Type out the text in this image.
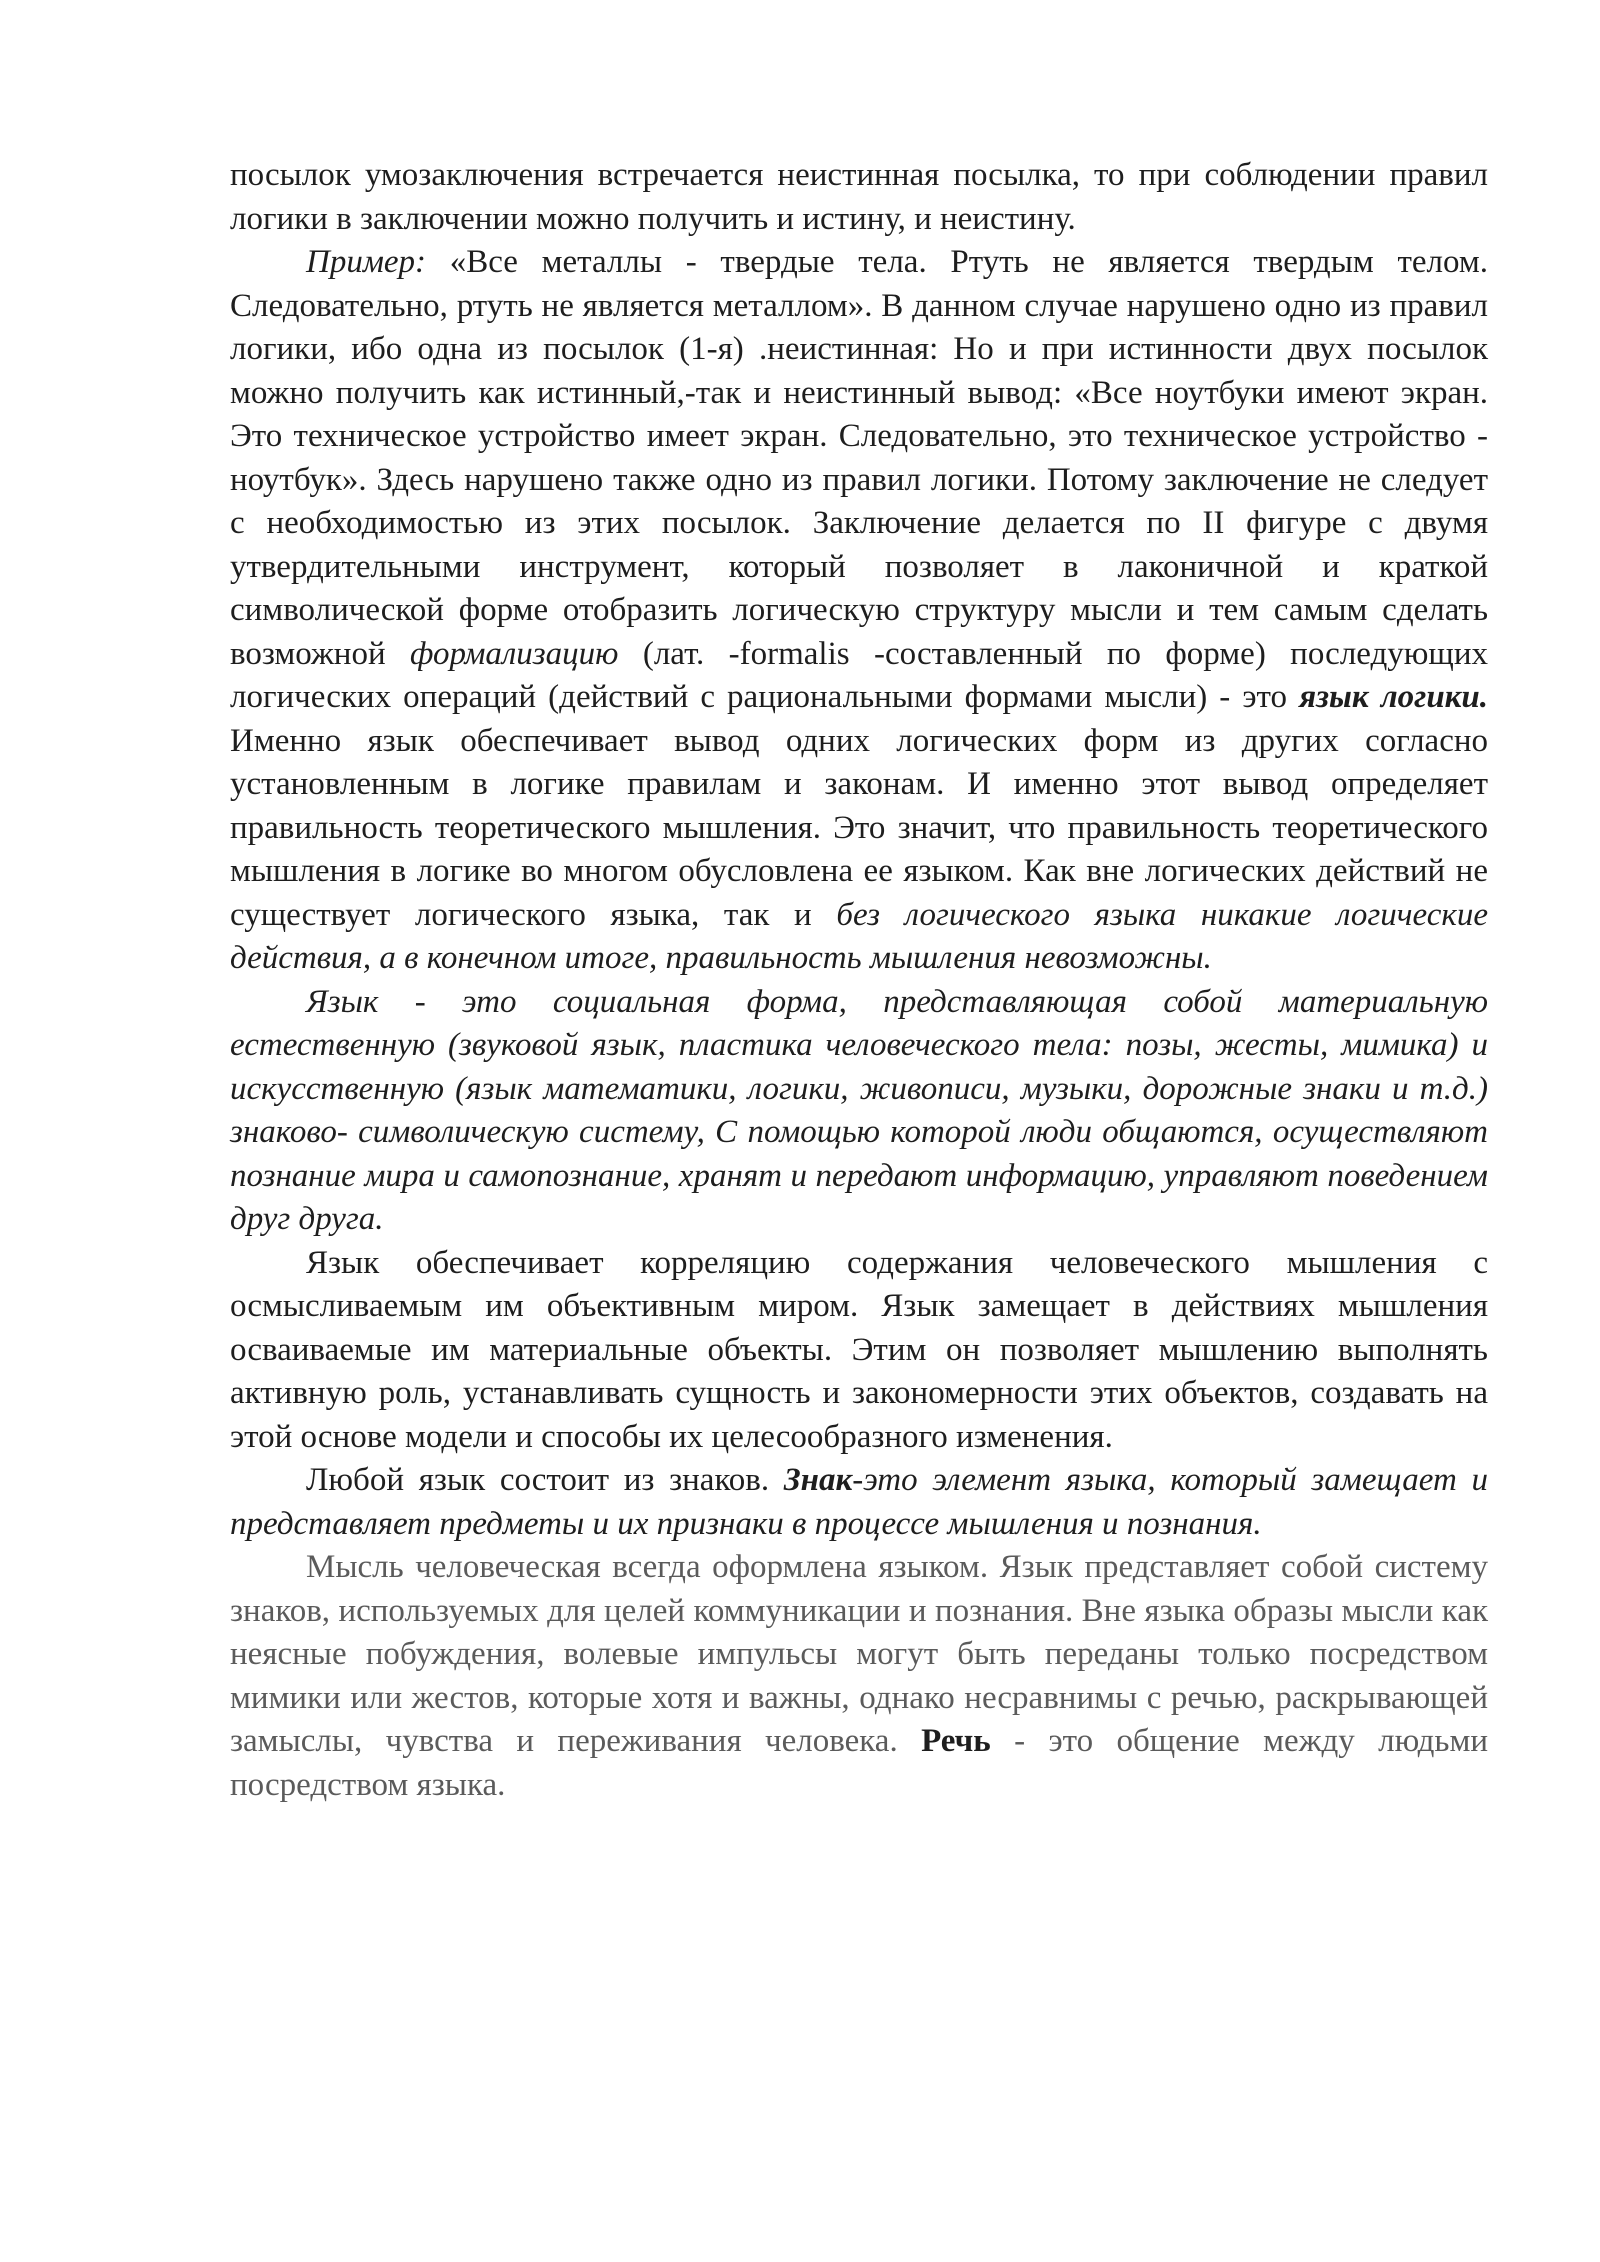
посылок умозаключения встречается неистинная посылка, то при соблюдении правил логики в заключении можно получить и истину, и неистину.

Пример: «Все металлы - твердые тела. Ртуть не является твердым телом. Следовательно, ртуть не является металлом». В данном случае нарушено одно из правил логики, ибо одна из посылок (1-я) .неистинная: Но и при истинности двух посылок можно получить как истинный,-так и неистинный вывод: «Все ноутбуки имеют экран. Это техническое устройство имеет экран. Следовательно, это техническое устройство - ноутбук». Здесь нарушено также одно из правил логики. Потому заключение не следует с необходимостью из этих посылок. Заключение делается по II фигуре с двумя утвердительными инструмент, который позволяет в лаконичной и краткой символической форме отобразить логическую структуру мысли и тем самым сделать возможной формализацию (лат. -formalis -составленный по форме) последующих логических операций (действий с рациональными формами мысли) - это язык логики. Именно язык обеспечивает вывод одних логических форм из других согласно установленным в логике правилам и законам. И именно этот вывод определяет правильность теоретического мышления. Это значит, что правильность теоретического мышления в логике во многом обусловлена ее языком. Как вне логических действий не существует логического языка, так и без логического языка никакие логические действия, а в конечном итоге, правильность мышления невозможны.

Язык - это социальная форма, представляющая собой материальную естественную (звуковой язык, пластика человеческого тела: позы, жесты, мимика) и искусственную (язык математики, логики, живописи, музыки, дорожные знаки и т.д.) знаково- символическую систему, С помощью которой люди общаются, осуществляют познание мира и самопознание, хранят и передают информацию, управляют поведением друг друга.

Язык обеспечивает корреляцию содержания человеческого мышления с осмысливаемым им объективным миром. Язык замещает в действиях мышления осваиваемые им материальные объекты. Этим он позволяет мышлению выполнять активную роль, устанавливать сущность и закономерности этих объектов, создавать на этой основе модели и способы их целесообразного изменения.

Любой язык состоит из знаков. Знак-это элемент языка, который замещает и представляет предметы и их признаки в процессе мышления и познания.

Мысль человеческая всегда оформлена языком. Язык представляет собой систему знаков, используемых для целей коммуникации и познания. Вне языка образы мысли как неясные побуждения, волевые импульсы могут быть переданы только посредством мимики или жестов, которые хотя и важны, однако несравнимы с речью, раскрывающей замыслы, чувства и переживания человека. Речь - это общение между людьми посредством языка.
